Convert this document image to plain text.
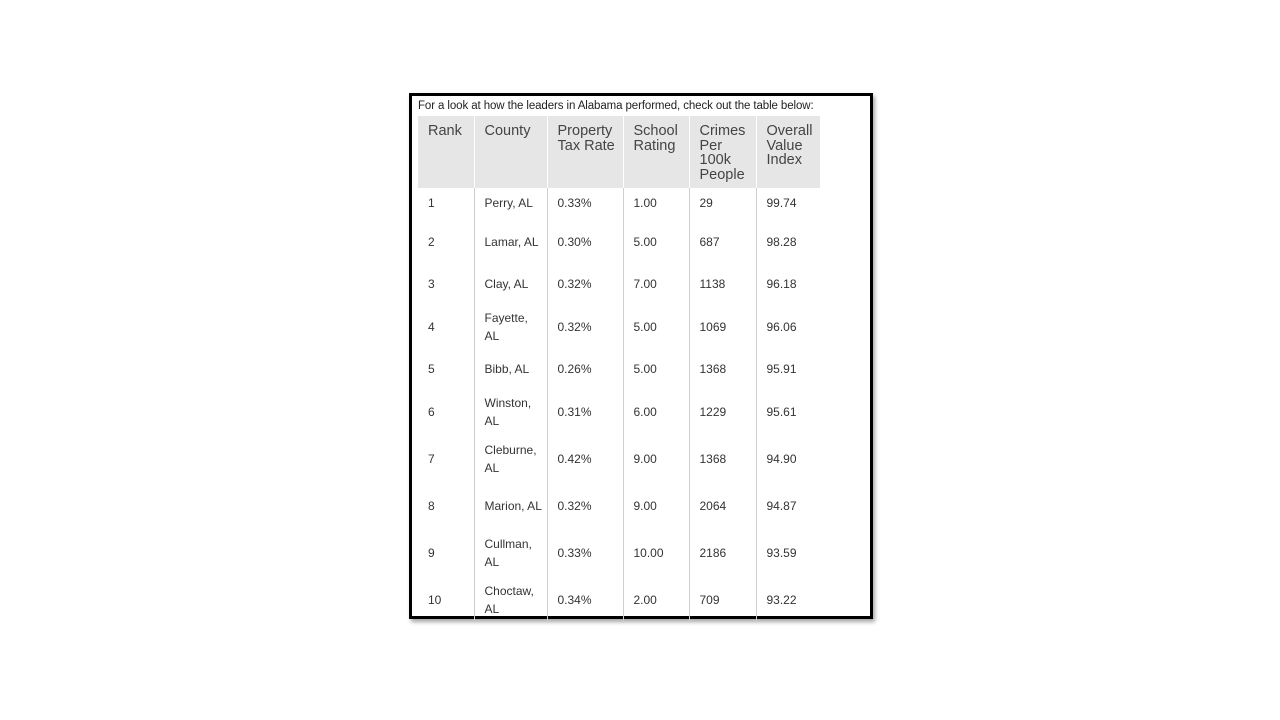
For a look at how the leaders in Alabama performed, check out the table below:
Rank	County	Property Tax Rate	School Rating	Crimes Per 100k People	Overall Value Index
1	Perry, AL	0.33%	1.00	29	99.74
2	Lamar, AL	0.30%	5.00	687	98.28
3	Clay, AL	0.32%	7.00	1138	96.18
4	Fayette, AL	0.32%	5.00	1069	96.06
5	Bibb, AL	0.26%	5.00	1368	95.91
6	Winston, AL	0.31%	6.00	1229	95.61
7	Cleburne, AL	0.42%	9.00	1368	94.90
8	Marion, AL	0.32%	9.00	2064	94.87
9	Cullman, AL	0.33%	10.00	2186	93.59
10	Choctaw, AL	0.34%	2.00	709	93.22
